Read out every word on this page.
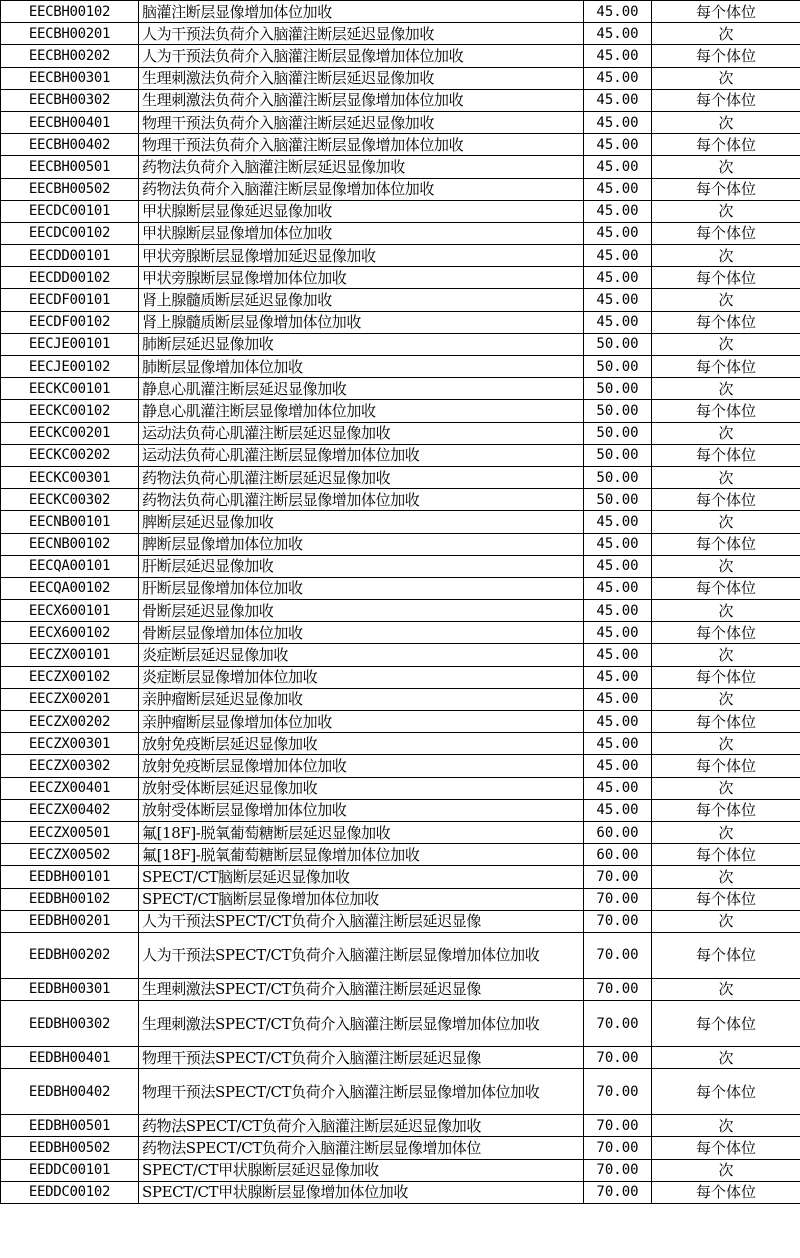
EECBH00102	脑灌注断层显像增加体位加收	45.00	每个体位
EECBH00201	人为干预法负荷介入脑灌注断层延迟显像加收	45.00	次
EECBH00202	人为干预法负荷介入脑灌注断层显像增加体位加收	45.00	每个体位
EECBH00301	生理刺激法负荷介入脑灌注断层延迟显像加收	45.00	次
EECBH00302	生理刺激法负荷介入脑灌注断层显像增加体位加收	45.00	每个体位
EECBH00401	物理干预法负荷介入脑灌注断层延迟显像加收	45.00	次
EECBH00402	物理干预法负荷介入脑灌注断层显像增加体位加收	45.00	每个体位
EECBH00501	药物法负荷介入脑灌注断层延迟显像加收	45.00	次
EECBH00502	药物法负荷介入脑灌注断层显像增加体位加收	45.00	每个体位
EECDC00101	甲状腺断层显像延迟显像加收	45.00	次
EECDC00102	甲状腺断层显像增加体位加收	45.00	每个体位
EECDD00101	甲状旁腺断层显像增加延迟显像加收	45.00	次
EECDD00102	甲状旁腺断层显像增加体位加收	45.00	每个体位
EECDF00101	肾上腺髓质断层延迟显像加收	45.00	次
EECDF00102	肾上腺髓质断层显像增加体位加收	45.00	每个体位
EECJE00101	肺断层延迟显像加收	50.00	次
EECJE00102	肺断层显像增加体位加收	50.00	每个体位
EECKC00101	静息心肌灌注断层延迟显像加收	50.00	次
EECKC00102	静息心肌灌注断层显像增加体位加收	50.00	每个体位
EECKC00201	运动法负荷心肌灌注断层延迟显像加收	50.00	次
EECKC00202	运动法负荷心肌灌注断层显像增加体位加收	50.00	每个体位
EECKC00301	药物法负荷心肌灌注断层延迟显像加收	50.00	次
EECKC00302	药物法负荷心肌灌注断层显像增加体位加收	50.00	每个体位
EECNB00101	脾断层延迟显像加收	45.00	次
EECNB00102	脾断层显像增加体位加收	45.00	每个体位
EECQA00101	肝断层延迟显像加收	45.00	次
EECQA00102	肝断层显像增加体位加收	45.00	每个体位
EECX600101	骨断层延迟显像加收	45.00	次
EECX600102	骨断层显像增加体位加收	45.00	每个体位
EECZX00101	炎症断层延迟显像加收	45.00	次
EECZX00102	炎症断层显像增加体位加收	45.00	每个体位
EECZX00201	亲肿瘤断层延迟显像加收	45.00	次
EECZX00202	亲肿瘤断层显像增加体位加收	45.00	每个体位
EECZX00301	放射免疫断层延迟显像加收	45.00	次
EECZX00302	放射免疫断层显像增加体位加收	45.00	每个体位
EECZX00401	放射受体断层延迟显像加收	45.00	次
EECZX00402	放射受体断层显像增加体位加收	45.00	每个体位
EECZX00501	氟[18F]-脱氧葡萄糖断层延迟显像加收	60.00	次
EECZX00502	氟[18F]-脱氧葡萄糖断层显像增加体位加收	60.00	每个体位
EEDBH00101	SPECT/CT脑断层延迟显像加收	70.00	次
EEDBH00102	SPECT/CT脑断层显像增加体位加收	70.00	每个体位
EEDBH00201	人为干预法SPECT/CT负荷介入脑灌注断层延迟显像	70.00	次
EEDBH00202	人为干预法SPECT/CT负荷介入脑灌注断层显像增加体位加收	70.00	每个体位
EEDBH00301	生理刺激法SPECT/CT负荷介入脑灌注断层延迟显像	70.00	次
EEDBH00302	生理刺激法SPECT/CT负荷介入脑灌注断层显像增加体位加收	70.00	每个体位
EEDBH00401	物理干预法SPECT/CT负荷介入脑灌注断层延迟显像	70.00	次
EEDBH00402	物理干预法SPECT/CT负荷介入脑灌注断层显像增加体位加收	70.00	每个体位
EEDBH00501	药物法SPECT/CT负荷介入脑灌注断层延迟显像加收	70.00	次
EEDBH00502	药物法SPECT/CT负荷介入脑灌注断层显像增加体位	70.00	每个体位
EEDDC00101	SPECT/CT甲状腺断层延迟显像加收	70.00	次
EEDDC00102	SPECT/CT甲状腺断层显像增加体位加收	70.00	每个体位
